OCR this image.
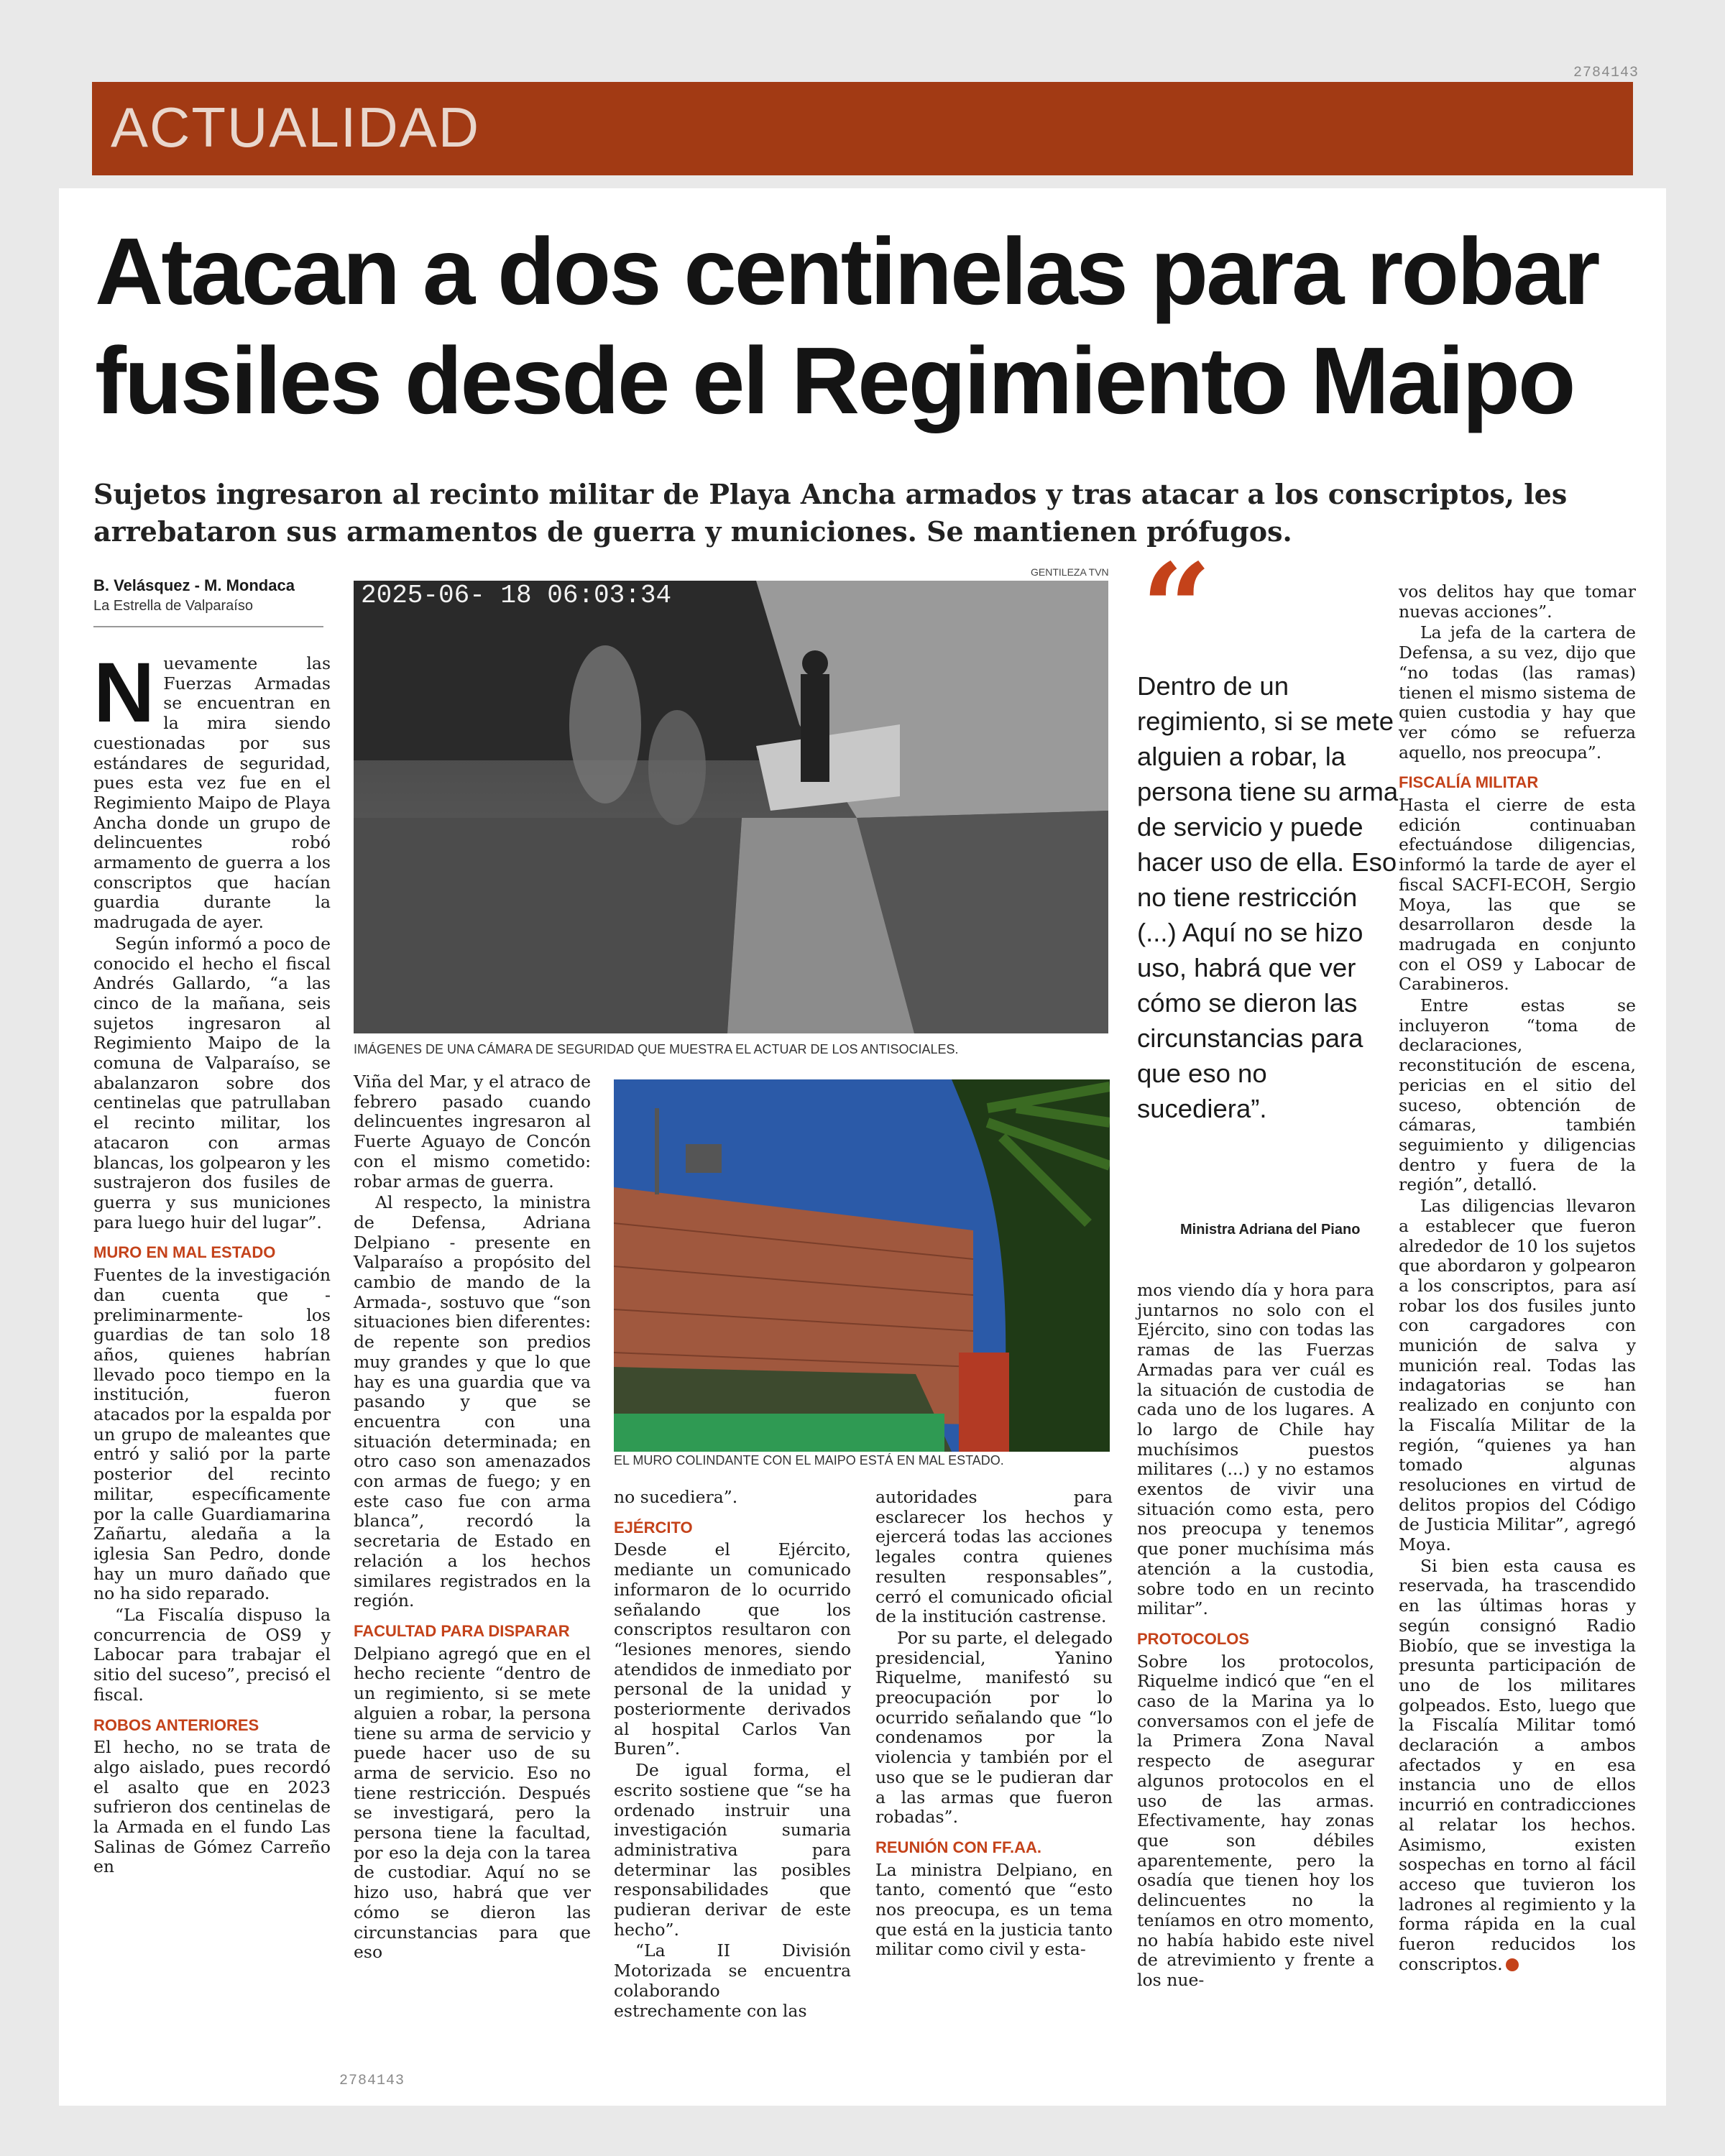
2784143
ACTUALIDAD
Atacan a dos centinelas para robar
fusiles desde el Regimiento Maipo

Sujetos ingresaron al recinto militar de Playa Ancha armados y tras atacar a los conscriptos, les arrebataron sus armamentos de guerra y municiones. Se mantienen prófugos.

B. Velásquez - M. Mondaca
La Estrella de Valparaíso

Nuevamente las Fuerzas Armadas se encuentran en la mira siendo cuestionadas por sus estándares de seguridad, pues esta vez fue en el Regimiento Maipo de Playa Ancha donde un grupo de delincuentes robó armamento de guerra a los conscriptos que hacían guardia durante la madrugada de ayer.

Según informó a poco de conocido el hecho el fiscal Andrés Gallardo, “a las cinco de la mañana, seis sujetos ingresaron al Regimiento Maipo de la comuna de Valparaíso, se abalanzaron sobre dos centinelas que patrullaban el recinto militar, los atacaron con armas blancas, los golpearon y les sustrajeron dos fusiles de guerra y sus municiones para luego huir del lugar”.

MURO EN MAL ESTADO

Fuentes de la investigación dan cuenta que -preliminarmente- los guardias de tan solo 18 años, quienes habrían llevado poco tiempo en la institución, fueron atacados por la espalda por un grupo de maleantes que entró y salió por la parte posterior del recinto militar, específicamente por la calle Guardiamarina Zañartu, aledaña a la iglesia San Pedro, donde hay un muro dañado que no ha sido reparado.

“La Fiscalía dispuso la concurrencia de OS9 y Labocar para trabajar el sitio del suceso”, precisó el fiscal.

ROBOS ANTERIORES

El hecho, no se trata de algo aislado, pues recordó el asalto que en 2023 sufrieron dos centinelas de la Armada en el fundo Las Salinas de Gómez Carreño en

GENTILEZA TVN
2025-06- 18 06:03:34
IMÁGENES DE UNA CÁMARA DE SEGURIDAD QUE MUESTRA EL ACTUAR DE LOS ANTISOCIALES.

Viña del Mar, y el atraco de febrero pasado cuando delincuentes ingresaron al Fuerte Aguayo de Concón con el mismo cometido: robar armas de guerra.

Al respecto, la ministra de Defensa, Adriana Delpiano - presente en Valparaíso a propósito del cambio de mando de la Armada-, sostuvo que “son situaciones bien diferentes: de repente son predios muy grandes y que lo que hay es una guardia que va pasando y que se encuentra con una situación determinada; en otro caso son amenazados con armas de fuego; y en este caso fue con arma blanca”, recordó la secretaria de Estado en relación a los hechos similares registrados en la región.

FACULTAD PARA DISPARAR

Delpiano agregó que en el hecho reciente “dentro de un regimiento, si se mete alguien a robar, la persona tiene su arma de servicio y puede hacer uso de su arma de servicio. Eso no tiene restricción. Después se investigará, pero la persona tiene la facultad, por eso la deja con la tarea de custodiar. Aquí no se hizo uso, habrá que ver cómo se dieron las circunstancias para que eso

EL MURO COLINDANTE CON EL MAIPO ESTÁ EN MAL ESTADO.

no sucediera”.

EJÉRCITO

Desde el Ejército, mediante un comunicado informaron de lo ocurrido señalando que los conscriptos resultaron con “lesiones menores, siendo atendidos de inmediato por personal de la unidad y posteriormente derivados al hospital Carlos Van Buren”.

De igual forma, el escrito sostiene que “se ha ordenado instruir una investigación sumaria administrativa para determinar las posibles responsabilidades que pudieran derivar de este hecho”.

“La II División Motorizada se encuentra colaborando estrechamente con las

autoridades para esclarecer los hechos y ejercerá todas las acciones legales contra quienes resulten responsables”, cerró el comunicado oficial de la institución castrense.

Por su parte, el delegado presidencial, Yanino Riquelme, manifestó su preocupación por lo ocurrido señalando que “lo condenamos por la violencia y también por el uso que se le pudieran dar a las armas que fueron robadas”.

REUNIÓN CON FF.AA.

La ministra Delpiano, en tanto, comentó que “esto nos preocupa, es un tema que está en la justicia tanto militar como civil y esta-

“

Dentro de un regimiento, si se mete alguien a robar, la persona tiene su arma de servicio y puede hacer uso de ella. Eso no tiene restricción (...) Aquí no se hizo uso, habrá que ver cómo se dieron las circunstancias para que eso no sucediera”.

Ministra Adriana del Piano

mos viendo día y hora para juntarnos no solo con el Ejército, sino con todas las ramas de las Fuerzas Armadas para ver cuál es la situación de custodia de cada uno de los lugares. A lo largo de Chile hay muchísimos puestos militares (...) y no estamos exentos de vivir una situación como esta, pero nos preocupa y tenemos que poner muchísima más atención a la custodia, sobre todo en un recinto militar”.

PROTOCOLOS

Sobre los protocolos, Riquelme indicó que “en el caso de la Marina ya lo conversamos con el jefe de la Primera Zona Naval respecto de asegurar algunos protocolos en el uso de las armas. Efectivamente, hay zonas que son débiles aparentemente, pero la osadía que tienen hoy los delincuentes no la teníamos en otro momento, no había habido este nivel de atrevimiento y frente a los nue-

vos delitos hay que tomar nuevas acciones”.

La jefa de la cartera de Defensa, a su vez, dijo que “no todas (las ramas) tienen el mismo sistema de quien custodia y hay que ver cómo se refuerza aquello, nos preocupa”.

FISCALÍA MILITAR

Hasta el cierre de esta edición continuaban efectuándose diligencias, informó la tarde de ayer el fiscal SACFI-ECOH, Sergio Moya, las que se desarrollaron desde la madrugada en conjunto con el OS9 y Labocar de Carabineros.

Entre estas se incluyeron “toma de declaraciones, reconstitución de escena, pericias en el sitio del suceso, obtención de cámaras, también seguimiento y diligencias dentro y fuera de la región”, detalló.

Las diligencias llevaron a establecer que fueron alrededor de 10 los sujetos que abordaron y golpearon a los conscriptos, para así robar los dos fusiles junto con cargadores con munición de salva y munición real. Todas las indagatorias se han realizado en conjunto con la Fiscalía Militar de la región, “quienes ya han tomado algunas resoluciones en virtud de delitos propios del Código de Justicia Militar”, agregó Moya.

Si bien esta causa es reservada, ha trascendido en las últimas horas y según consignó Radio Biobío, que se investiga la presunta participación de uno de los militares golpeados. Esto, luego que la Fiscalía Militar tomó declaración a ambos afectados y en esa instancia uno de ellos incurrió en contradicciones al relatar los hechos. Asimismo, existen sospechas en torno al fácil acceso que tuvieron los ladrones al regimiento y la forma rápida en la cual fueron reducidos los conscriptos.

2784143
